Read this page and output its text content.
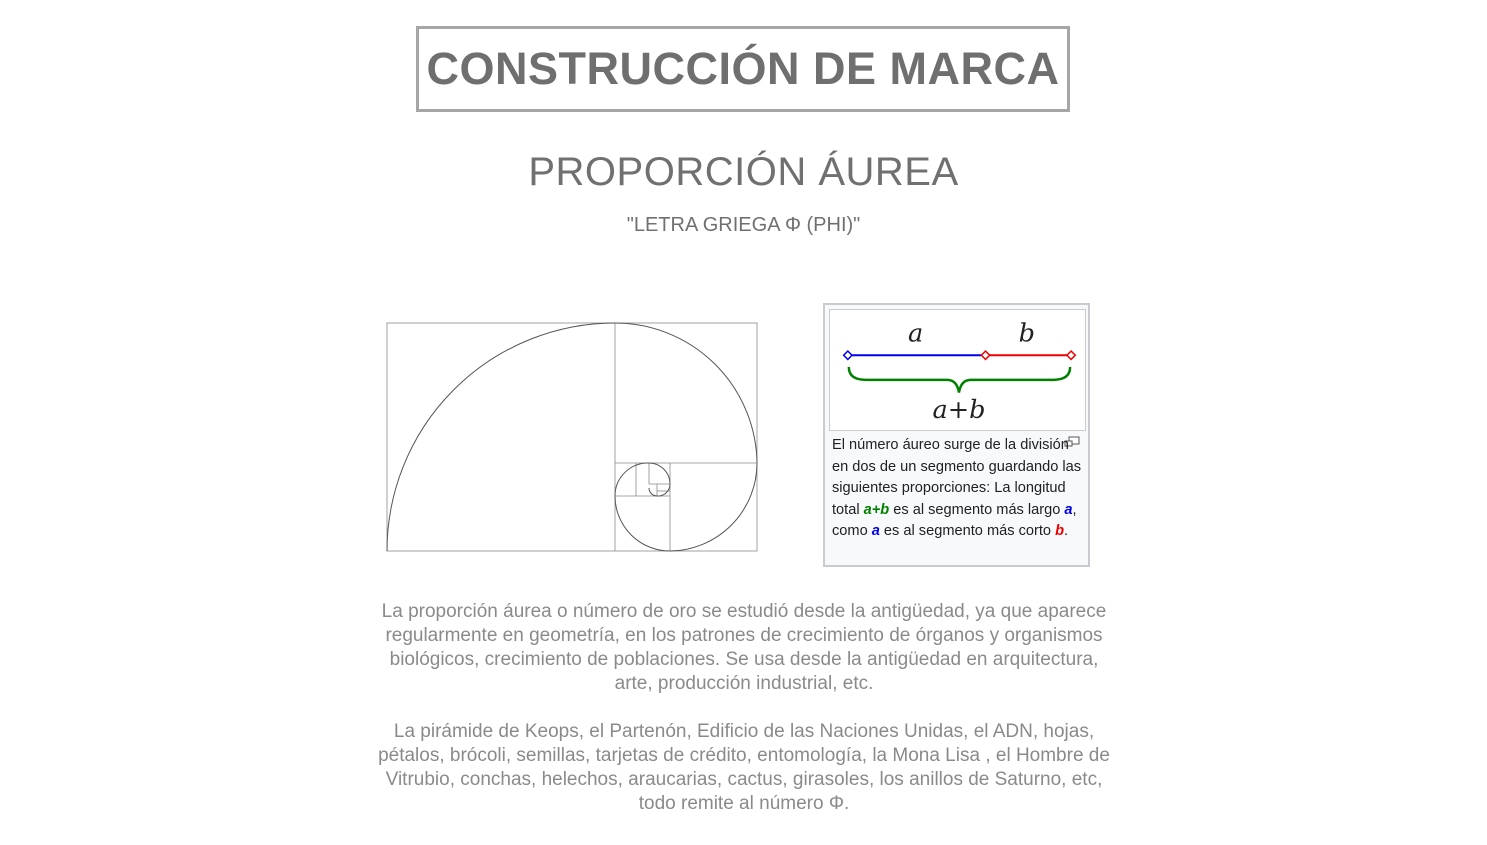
CONSTRUCCIÓN DE MARCA
PROPORCIÓN ÁUREA
"LETRA GRIEGA Φ (PHI)"
a	b
a+b
El número áureo surge de la división en dos de un segmento guardando las siguientes proporciones: La longitud total a+b es al segmento más largo a, como a es al segmento más corto b.

La proporción áurea o número de oro se estudió desde la antigüedad, ya que aparece regularmente en geometría, en los patrones de crecimiento de órganos y organismos biológicos, crecimiento de poblaciones. Se usa desde la antigüedad en arquitectura, arte, producción industrial, etc.

La pirámide de Keops, el Partenón, Edificio de las Naciones Unidas, el ADN, hojas, pétalos, brócoli, semillas, tarjetas de crédito, entomología, la Mona Lisa , el Hombre de Vitrubio, conchas, helechos, araucarias, cactus, girasoles, los anillos de Saturno, etc, todo remite al número Φ.
